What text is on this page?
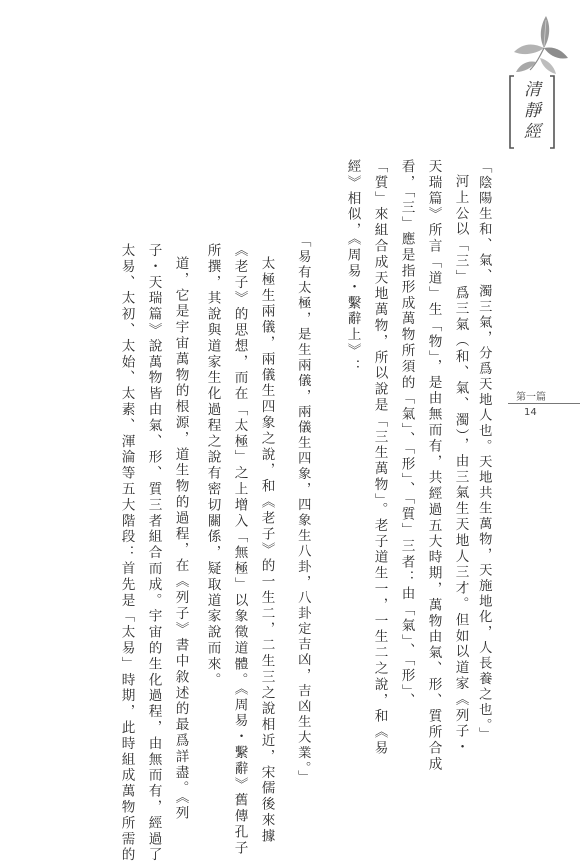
清靜經
第一篇
14
「陰陽生和、氣、濁三氣，分爲天地人也。天地共生萬物，天施地化，人長養之也。」
河上公以「三」爲三氣（和、氣、濁），由三氣生天地人三才。但如以道家《列子・
天瑞篇》所言「道」生「物」，是由無而有，共經過五大時期，萬物由氣、形、質所合成
看，「三」應是指形成萬物所須的「氣」、「形」、「質」三者：由「氣」、「形」、
「質」來組合成天地萬物，所以說是「三生萬物」。老子道生一，一生二之說，和《易
經》相似，《周易・繫辭上》：
「易有太極，是生兩儀，兩儀生四象，四象生八卦，八卦定吉凶，吉凶生大業。」
太極生兩儀，兩儀生四象之說，和《老子》的一生二，二生三之說相近，宋儒後來據
《老子》的思想，而在「太極」之上增入「無極」以象徵道體。《周易・繫辭》舊傳孔子
所撰，其說與道家生化過程之說有密切關係，疑取道家說而來。
道，它是宇宙萬物的根源，道生物的過程，在《列子》書中敘述的最爲詳盡。《列
子・天瑞篇》說萬物皆由氣、形、質三者組合而成。宇宙的生化過程，由無而有，經過了
太易、太初、太始、太素、渾淪等五大階段：首先是「太易」時期，此時組成萬物所需的
